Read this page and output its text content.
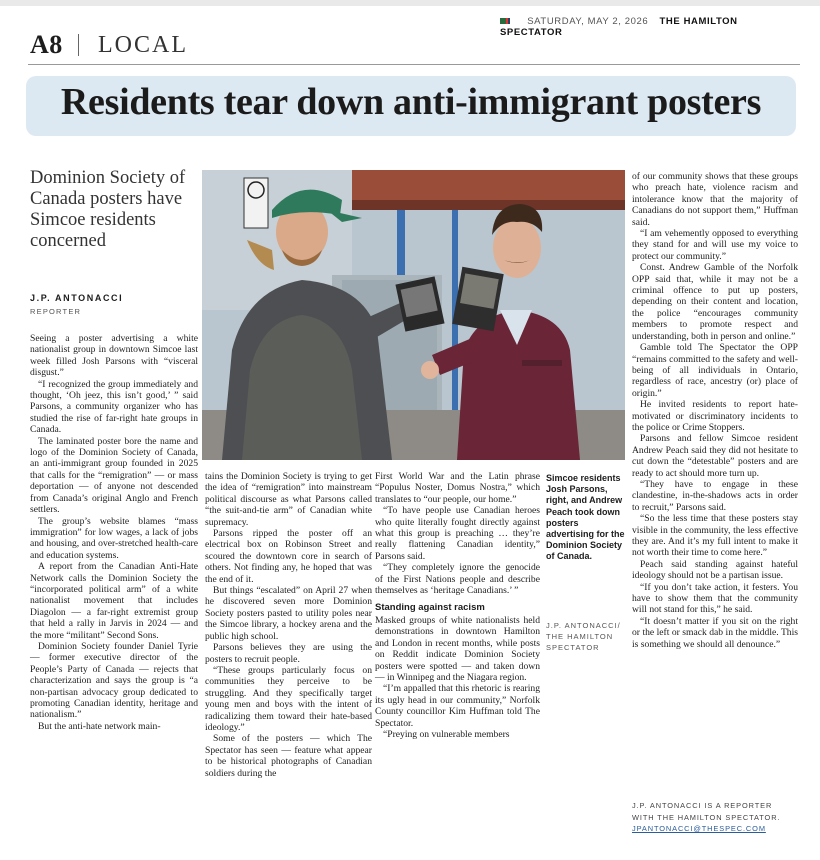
SATURDAY, MAY 2, 2026 THE HAMILTON SPECTATOR
A8 LOCAL
Residents tear down anti-immigrant posters
Dominion Society of Canada posters have Simcoe residents concerned
J.P. ANTONACCI
REPORTER

Seeing a poster advertising a white nationalist group in downtown Simcoe last week filled Josh Parsons with “visceral disgust.”

“I recognized the group immediately and thought, ‘Oh jeez, this isn’t good,’ ” said Parsons, a community organizer who has studied the rise of far-right hate groups in Canada.

The laminated poster bore the name and logo of the Dominion Society of Canada, an anti-immigrant group founded in 2025 that calls for the “remigration” — or mass deportation — of anyone not descended from Canada’s original Anglo and French settlers.

The group’s website blames “mass immigration” for low wages, a lack of jobs and housing, and over-stretched health-care and education systems.

A report from the Canadian Anti-Hate Network calls the Dominion Society the “incorporated political arm” of a white nationalist movement that includes Diagolon — a far-right extremist group that held a rally in Jarvis in 2024 — and the more “militant” Second Sons.

Dominion Society founder Daniel Tyrie — former executive director of the People’s Party of Canada — rejects that characterization and says the group is “a non-partisan advocacy group dedicated to promoting Canadian identity, heritage and nationalism.”

But the anti-hate network main-

tains the Dominion Society is trying to get the idea of “remigration” into mainstream political discourse as what Parsons called “the suit-and-tie arm” of Canadian white supremacy.

Parsons ripped the poster off an electrical box on Robinson Street and scoured the downtown core in search of others. Not finding any, he hoped that was the end of it.

But things “escalated” on April 27 when he discovered seven more Dominion Society posters pasted to utility poles near the Simcoe library, a hockey arena and the public high school.

Parsons believes they are using the posters to recruit people.

“These groups particularly focus on communities they perceive to be struggling. And they specifically target young men and boys with the intent of radicalizing them toward their hate-based ideology.”

Some of the posters — which The Spectator has seen — feature what appear to be historical photographs of Canadian soldiers during the

First World War and the Latin phrase “Populus Noster, Domus Nostra,” which translates to “our people, our home.”

“To have people use Canadian heroes who quite literally fought directly against what this group is preaching … they’re really flattening Canadian identity,” Parsons said.

“They completely ignore the genocide of the First Nations people and describe themselves as ‘heritage Canadians.’ ”

Standing against racism

Masked groups of white nationalists held demonstrations in downtown Hamilton and London in recent months, while posts on Reddit indicate Dominion Society posters were spotted — and taken down — in Winnipeg and the Niagara region.

“I’m appalled that this rhetoric is rearing its ugly head in our community,” Norfolk County councillor Kim Huffman told The Spectator.

“Preying on vulnerable members

Simcoe residents Josh Parsons, right, and Andrew Peach took down posters advertising for the Dominion Society of Canada.
J.P. ANTONACCI/ THE HAMILTON SPECTATOR

of our community shows that these groups who preach hate, violence racism and intolerance know that the majority of Canadians do not support them,” Huffman said.

“I am vehemently opposed to everything they stand for and will use my voice to protect our community.”

Const. Andrew Gamble of the Norfolk OPP said that, while it may not be a criminal offence to put up posters, depending on their content and location, the police “encourages community members to promote respect and understanding, both in person and online.”

Gamble told The Spectator the OPP “remains committed to the safety and well-being of all individuals in Ontario, regardless of race, ancestry (or) place of origin.”

He invited residents to report hate-motivated or discriminatory incidents to the police or Crime Stoppers.

Parsons and fellow Simcoe resident Andrew Peach said they did not hesitate to cut down the “detestable” posters and are ready to act should more turn up.

“They have to engage in these clandestine, in-the-shadows acts in order to recruit,” Parsons said.

“So the less time that these posters stay visible in the community, the less effective they are. And it’s my full intent to make it not worth their time to come here.”

Peach said standing against hateful ideology should not be a partisan issue.

“If you don’t take action, it festers. You have to show them that the community will not stand for this,” he said.

“It doesn’t matter if you sit on the right or the left or smack dab in the middle. This is something we should all denounce.”

J.P. ANTONACCI IS A REPORTER
WITH THE HAMILTON SPECTATOR.
JPANTONACCI@THESPEC.COM
